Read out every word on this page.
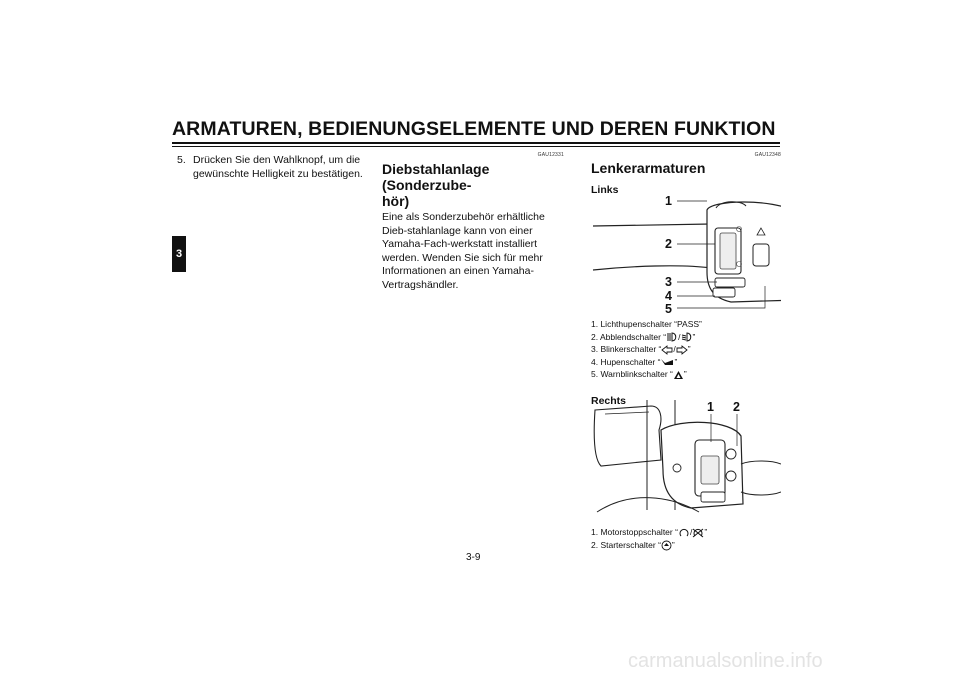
ARMATUREN, BEDIENUNGSELEMENTE UND DEREN FUNKTION
3
5. Drücken Sie den Wahlknopf, um die gewünschte Helligkeit zu bestätigen.
GAU12331
Diebstahlanlage (Sonderzube-
hör)
Eine als Sonderzubehör erhältliche Dieb-stahlanlage kann von einer Yamaha-Fach-werkstatt installiert werden. Wenden Sie sich für mehr Informationen an einen Yamaha-Vertragshändler.
GAU12348
Lenkerarmaturen
Links
1
2
3
4
5
1. Lichthupenschalter “PASS”
2. Abblendschalter “ / ”
3. Blinkerschalter “ / ”
4. Hupenschalter “ ”
5. Warnblinkschalter “ ”
Rechts	1 2
1. Motorstoppschalter “ / ”
2. Starterschalter “ ”
3-9
carmanualsonline.info
